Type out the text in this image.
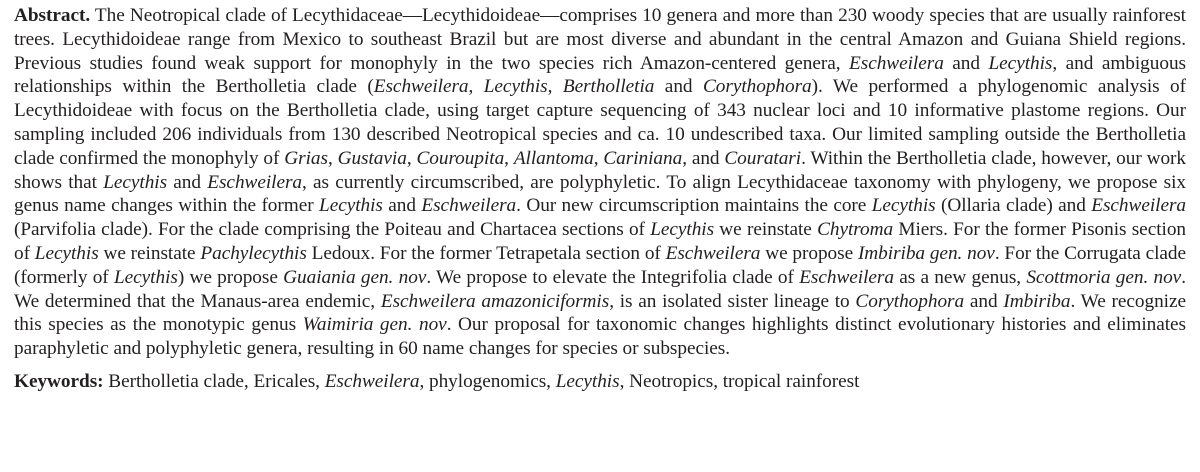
Abstract. The Neotropical clade of Lecythidaceae—Lecythidoideae—comprises 10 genera and more than 230 woody species that are usually rainforest trees. Lecythidoideae range from Mexico to southeast Brazil but are most diverse and abundant in the central Amazon and Guiana Shield regions. Previous studies found weak support for monophyly in the two species rich Amazon-centered genera, Eschweilera and Lecythis, and ambiguous relationships within the Bertholletia clade (Eschweilera, Lecythis, Bertholletia and Corythophora). We performed a phylogenomic analysis of Lecythidoideae with focus on the Bertholletia clade, using target capture sequencing of 343 nuclear loci and 10 informative plastome regions. Our sampling included 206 individuals from 130 described Neotropical species and ca. 10 undescribed taxa. Our limited sampling outside the Bertholletia clade confirmed the monophyly of Grias, Gustavia, Couroupita, Allantoma, Cariniana, and Couratari. Within the Bertholletia clade, however, our work shows that Lecythis and Eschweilera, as currently circumscribed, are polyphyletic. To align Lecythidaceae taxonomy with phylogeny, we propose six genus name changes within the former Lecythis and Eschweilera. Our new circumscription maintains the core Lecythis (Ollaria clade) and Eschweilera (Parvifolia clade). For the clade comprising the Poiteau and Chartacea sections of Lecythis we reinstate Chytroma Miers. For the former Pisonis section of Lecythis we reinstate Pachylecythis Ledoux. For the former Tetrapetala section of Eschweilera we propose Imbiriba gen. nov. For the Corrugata clade (formerly of Lecythis) we propose Guaiania gen. nov. We propose to elevate the Integrifolia clade of Eschweilera as a new genus, Scottmoria gen. nov. We determined that the Manaus-area endemic, Eschweilera amazoniciformis, is an isolated sister lineage to Corythophora and Imbiriba. We recognize this species as the monotypic genus Waimiria gen. nov. Our proposal for taxonomic changes highlights distinct evolutionary histories and eliminates paraphyletic and polyphyletic genera, resulting in 60 name changes for species or subspecies.

Keywords: Bertholletia clade, Ericales, Eschweilera, phylogenomics, Lecythis, Neotropics, tropical rainforest
